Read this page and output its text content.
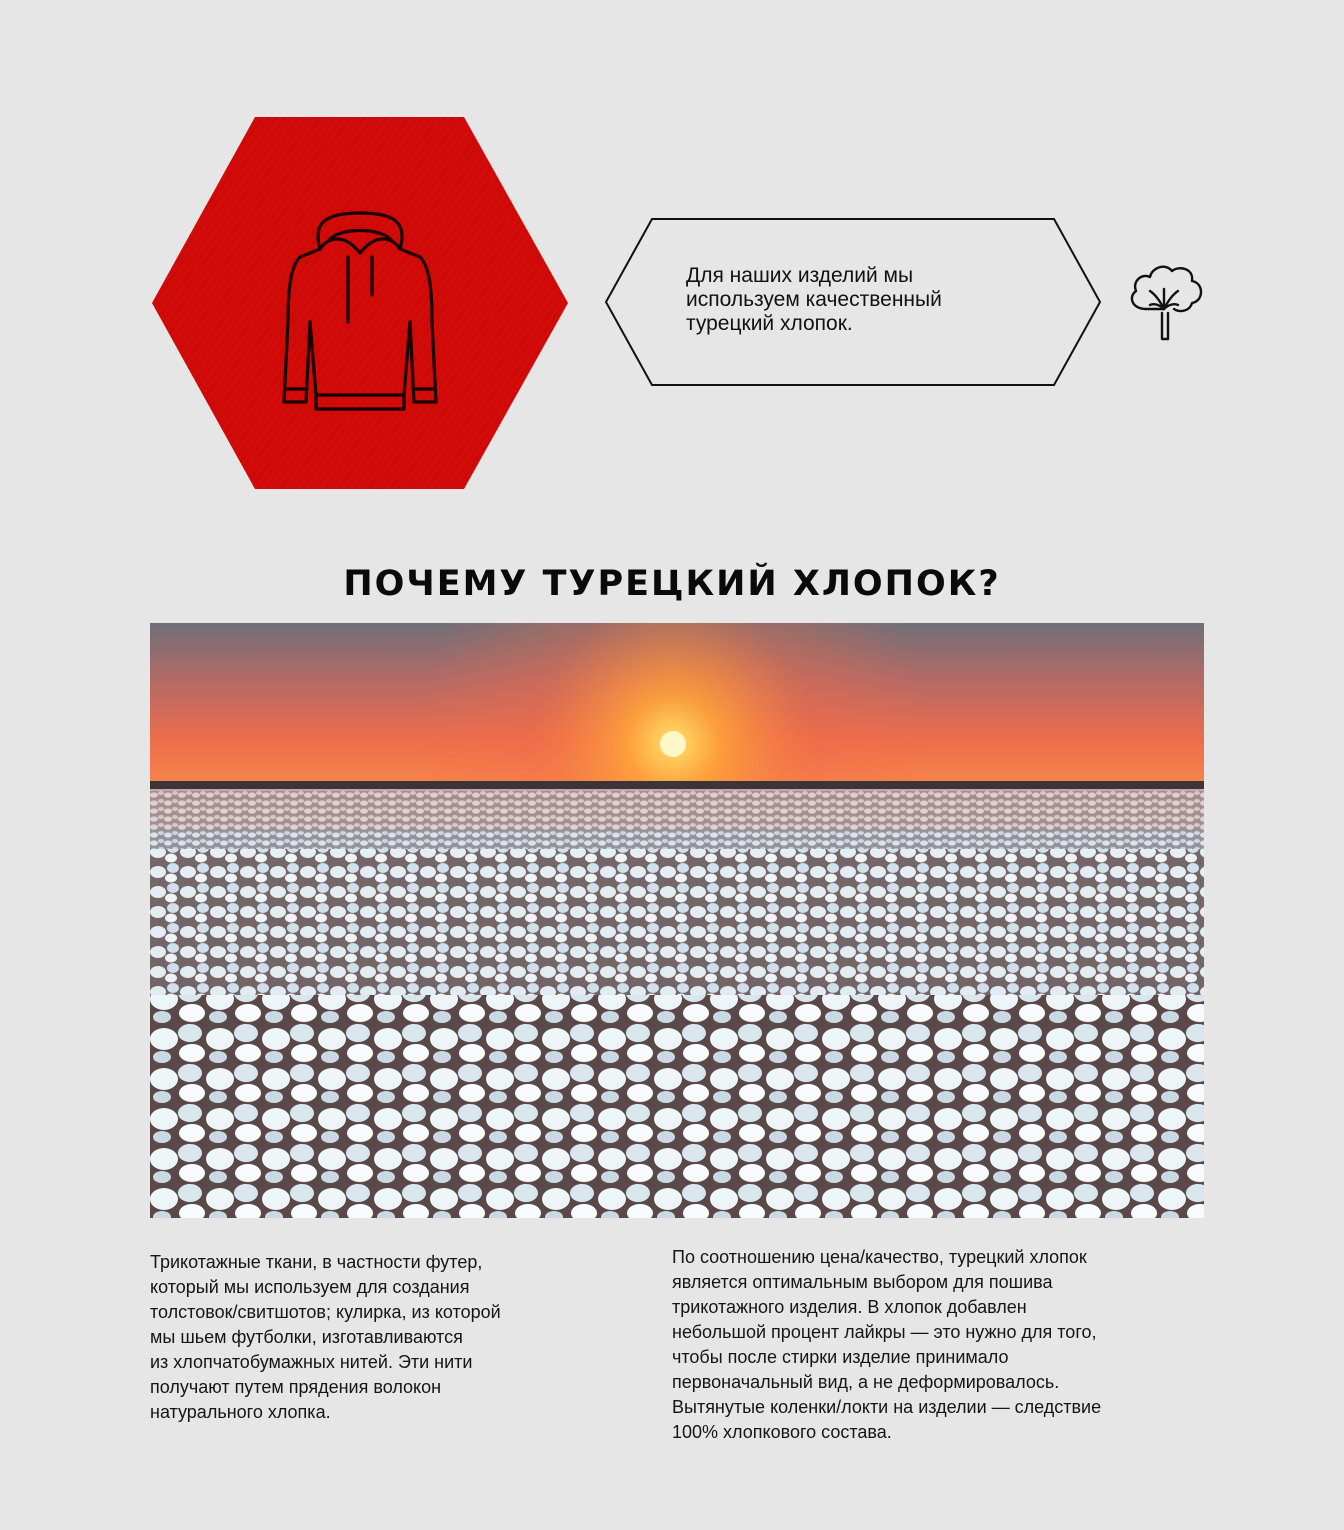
Для наших изделий мы
используем качественный
турецкий хлопок.
ПОЧЕМУ ТУРЕЦКИЙ ХЛОПОК?
Трикотажные ткани, в частности футер,
который мы используем для создания
толстовок/свитшотов; кулирка, из которой
мы шьем футболки, изготавливаются
из хлопчатобумажных нитей. Эти нити
получают путем прядения волокон
натурального хлопка.
По соотношению цена/качество, турецкий хлопок
является оптимальным выбором для пошива
трикотажного изделия. В хлопок добавлен
небольшой процент лайкры — это нужно для того,
чтобы после стирки изделие принимало
первоначальный вид, а не деформировалось.
Вытянутые коленки/локти на изделии — следствие
100% хлопкового состава.
